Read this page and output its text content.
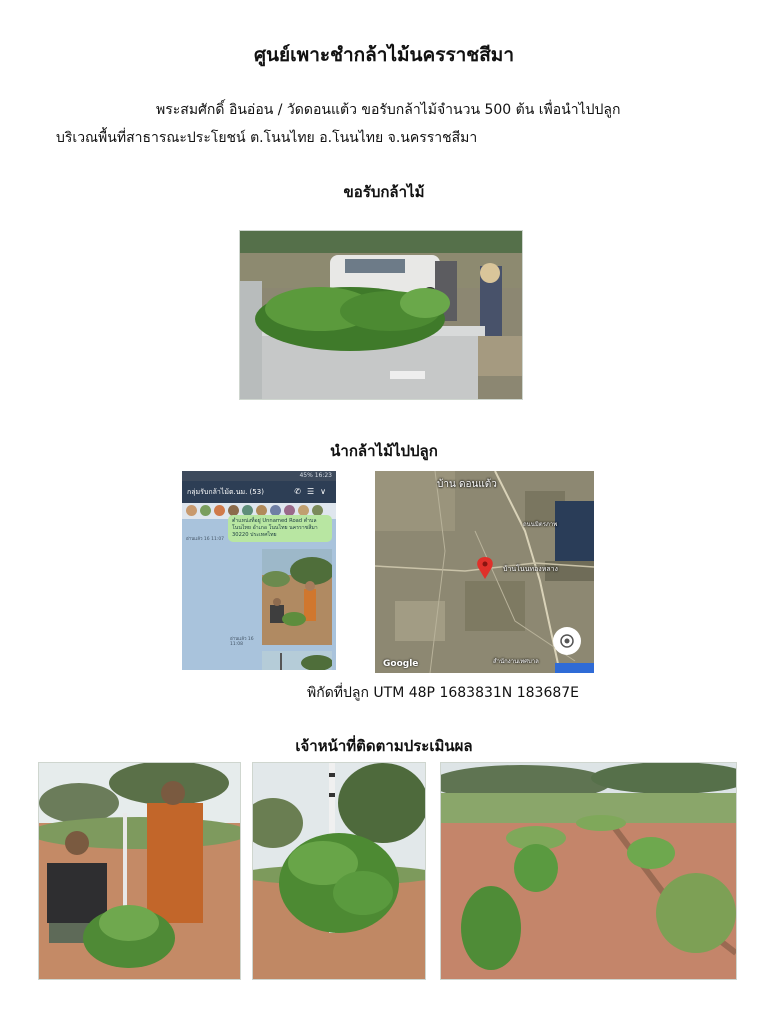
ศูนย์เพาะชำกล้าไม้นครราชสีมา
พระสมศักดิ์ อินอ่อน / วัดดอนแต้ว ขอรับกล้าไม้จำนวน 500 ต้น เพื่อนำไปปลูก
บริเวณพื้นที่สาธารณะประโยชน์ ต.โนนไทย อ.โนนไทย จ.นครราชสีมา
ขอรับกล้าไม้
นำกล้าไม้ไปปลูก
45% 16:23
กลุ่มรับกล้าไม้ต.นม. (53)	✆☰∨
ตำแหน่งที่อยู่ Unnamed Road ตำบล โนนไทย อำเภอ โนนไทย นครราชสีมา 30220 ประเทศไทย
อ่านแล้ว 16 11:07
อ่านแล้ว 16 11:08
บ้าน ดอนแต้ว
ถนนมิตรภาพ
บ้านโนนทองหลาง
สำนักงานเทศบาล
Google
พิกัดที่ปลูก UTM 48P 1683831N 183687E
เจ้าหน้าที่ติดตามประเมินผล
